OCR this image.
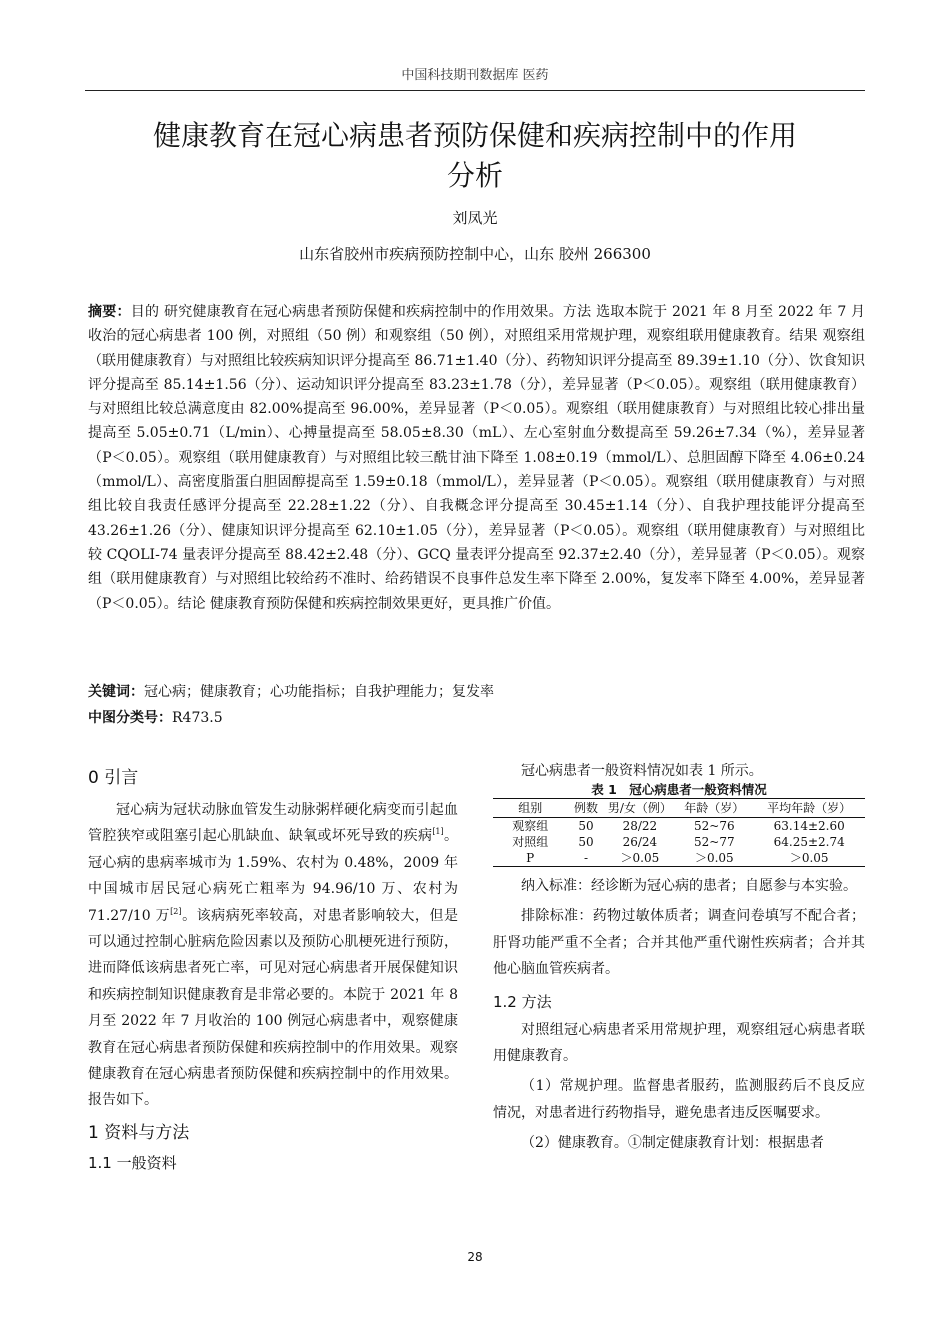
中国科技期刊数据库 医药
健康教育在冠心病患者预防保健和疾病控制中的作用
分析
刘凤光
山东省胶州市疾病预防控制中心，山东 胶州 266300
摘要：目的 研究健康教育在冠心病患者预防保健和疾病控制中的作用效果。方法 选取本院于 2021 年 8 月至 2022 年 7 月收治的冠心病患者 100 例，对照组（50 例）和观察组（50 例），对照组采用常规护理，观察组联用健康教育。结果 观察组（联用健康教育）与对照组比较疾病知识评分提高至 86.71±1.40（分）、药物知识评分提高至 89.39±1.10（分）、饮食知识评分提高至 85.14±1.56（分）、运动知识评分提高至 83.23±1.78（分），差异显著（P＜0.05）。观察组（联用健康教育）与对照组比较总满意度由 82.00%提高至 96.00%，差异显著（P＜0.05）。观察组（联用健康教育）与对照组比较心排出量提高至 5.05±0.71（L/min）、心搏量提高至 58.05±8.30（mL）、左心室射血分数提高至 59.26±7.34（%），差异显著（P＜0.05）。观察组（联用健康教育）与对照组比较三酰甘油下降至 1.08±0.19（mmol/L）、总胆固醇下降至 4.06±0.24（mmol/L）、高密度脂蛋白胆固醇提高至 1.59±0.18（mmol/L），差异显著（P＜0.05）。观察组（联用健康教育）与对照组比较自我责任感评分提高至 22.28±1.22（分）、自我概念评分提高至 30.45±1.14（分）、自我护理技能评分提高至 43.26±1.26（分）、健康知识评分提高至 62.10±1.05（分），差异显著（P＜0.05）。观察组（联用健康教育）与对照组比较 CQOLI-74 量表评分提高至 88.42±2.48（分）、GCQ 量表评分提高至 92.37±2.40（分），差异显著（P＜0.05）。观察组（联用健康教育）与对照组比较给药不准时、给药错误不良事件总发生率下降至 2.00%，复发率下降至 4.00%，差异显著（P＜0.05）。结论 健康教育预防保健和疾病控制效果更好，更具推广价值。
关键词：冠心病；健康教育；心功能指标；自我护理能力；复发率
中图分类号：R473.5
0 引言

冠心病为冠状动脉血管发生动脉粥样硬化病变而引起血管腔狭窄或阻塞引起心肌缺血、缺氧或坏死导致的疾病[1]。冠心病的患病率城市为 1.59%、农村为 0.48%，2009 年中国城市居民冠心病死亡粗率为 94.96/10 万、农村为 71.27/10 万[2]。该病病死率较高，对患者影响较大，但是可以通过控制心脏病危险因素以及预防心肌梗死进行预防，进而降低该病患者死亡率，可见对冠心病患者开展保健知识和疾病控制知识健康教育是非常必要的。本院于 2021 年 8 月至 2022 年 7 月收治的 100 例冠心病患者中，观察健康教育在冠心病患者预防保健和疾病控制中的作用效果。观察健康教育在冠心病患者预防保健和疾病控制中的作用效果。报告如下。

1 资料与方法
1.1 一般资料

冠心病患者一般资料情况如表 1 所示。

表 1　冠心病患者一般资料情况
组别	例数	男/女（例）	年龄（岁）	平均年龄（岁）
观察组	50	28/22	52~76	63.14±2.60
对照组	50	26/24	52~77	64.25±2.74
P	-	＞0.05	＞0.05	＞0.05

纳入标准：经诊断为冠心病的患者；自愿参与本实验。

排除标准：药物过敏体质者；调查问卷填写不配合者；肝肾功能严重不全者；合并其他严重代谢性疾病者；合并其他心脑血管疾病者。

1.2 方法

对照组冠心病患者采用常规护理，观察组冠心病患者联用健康教育。

（1）常规护理。监督患者服药，监测服药后不良反应情况，对患者进行药物指导，避免患者违反医嘱要求。

（2）健康教育。①制定健康教育计划：根据患者

28
